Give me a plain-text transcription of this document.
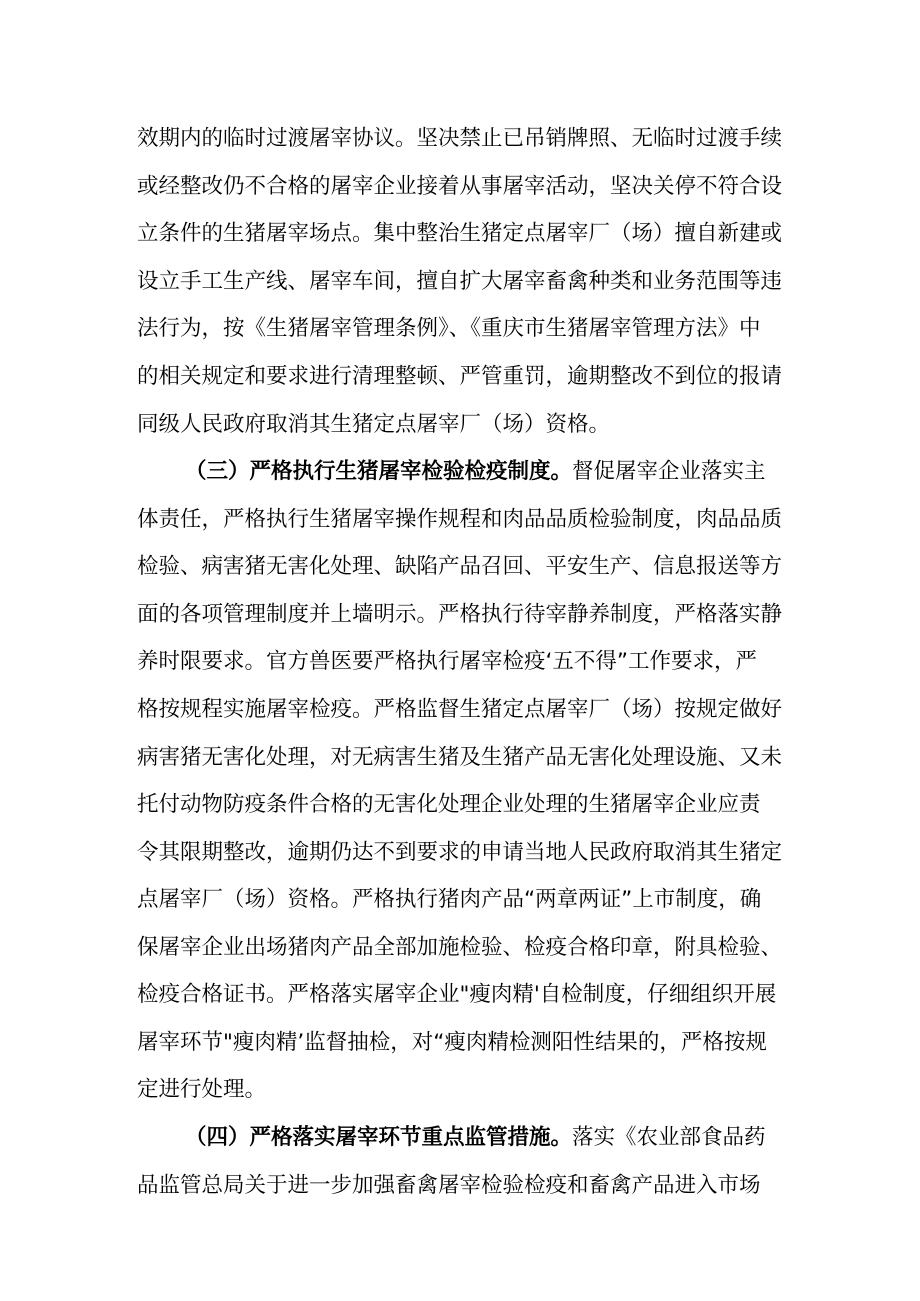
效期内的临时过渡屠宰协议。坚决禁止已吊销牌照、无临时过渡手续
或经整改仍不合格的屠宰企业接着从事屠宰活动，坚决关停不符合设
立条件的生猪屠宰场点。集中整治生猪定点屠宰厂（场）擅自新建或
设立手工生产线、屠宰车间，擅自扩大屠宰畜禽种类和业务范围等违
法行为，按《生猪屠宰管理条例》、《重庆市生猪屠宰管理方法》中
的相关规定和要求进行清理整顿、严管重罚，逾期整改不到位的报请
同级人民政府取消其生猪定点屠宰厂（场）资格。
（三）严格执行生猪屠宰检验检疫制度。督促屠宰企业落实主
体责任，严格执行生猪屠宰操作规程和肉品品质检验制度，肉品品质
检验、病害猪无害化处理、缺陷产品召回、平安生产、信息报送等方
面的各项管理制度并上墙明示。严格执行待宰静养制度，严格落实静
养时限要求。官方兽医要严格执行屠宰检疫‘五不得”工作要求，严
格按规程实施屠宰检疫。严格监督生猪定点屠宰厂（场）按规定做好
病害猪无害化处理，对无病害生猪及生猪产品无害化处理设施、又未
托付动物防疫条件合格的无害化处理企业处理的生猪屠宰企业应责
令其限期整改，逾期仍达不到要求的申请当地人民政府取消其生猪定
点屠宰厂（场）资格。严格执行猪肉产品“两章两证”上市制度，确
保屠宰企业出场猪肉产品全部加施检验、检疫合格印章，附具检验、
检疫合格证书。严格落实屠宰企业"瘦肉精'自检制度，仔细组织开展
屠宰环节"瘦肉精’监督抽检，对“瘦肉精检测阳性结果的，严格按规
定进行处理。
（四）严格落实屠宰环节重点监管措施。落实《农业部食品药
品监管总局关于进一步加强畜禽屠宰检验检疫和畜禽产品进入市场
